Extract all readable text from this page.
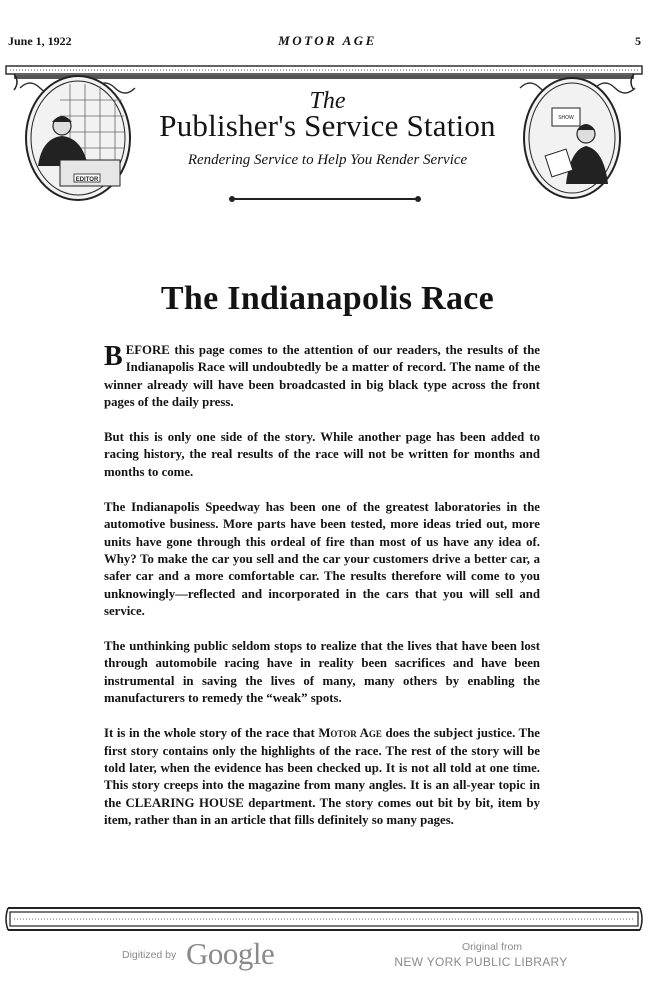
June 1, 1922	MOTOR AGE	5
EDITOR
SHOW
The
Publisher's Service Station
Rendering Service to Help You Render Service
The Indianapolis Race

BEFORE this page comes to the attention of our readers, the results of the Indianapolis Race will undoubtedly be a matter of record. The name of the winner already will have been broadcasted in big black type across the front pages of the daily press.

But this is only one side of the story. While another page has been added to racing history, the real results of the race will not be written for months and months to come.

The Indianapolis Speedway has been one of the greatest laboratories in the automotive business. More parts have been tested, more ideas tried out, more units have gone through this ordeal of fire than most of us have any idea of. Why? To make the car you sell and the car your customers drive a better car, a safer car and a more comfortable car. The results therefore will come to you unknowingly—reflected and incorporated in the cars that you will sell and service.

The unthinking public seldom stops to realize that the lives that have been lost through automobile racing have in reality been sacrifices and have been instrumental in saving the lives of many, many others by enabling the manufacturers to remedy the “weak” spots.

It is in the whole story of the race that Motor Age does the subject justice. The first story contains only the highlights of the race. The rest of the story will be told later, when the evidence has been checked up. It is not all told at one time. This story creeps into the magazine from many angles. It is an all-year topic in the CLEARING HOUSE department. The story comes out bit by bit, item by item, rather than in an article that fills definitely so many pages.

Digitized by Google	Original from
NEW YORK PUBLIC LIBRARY
